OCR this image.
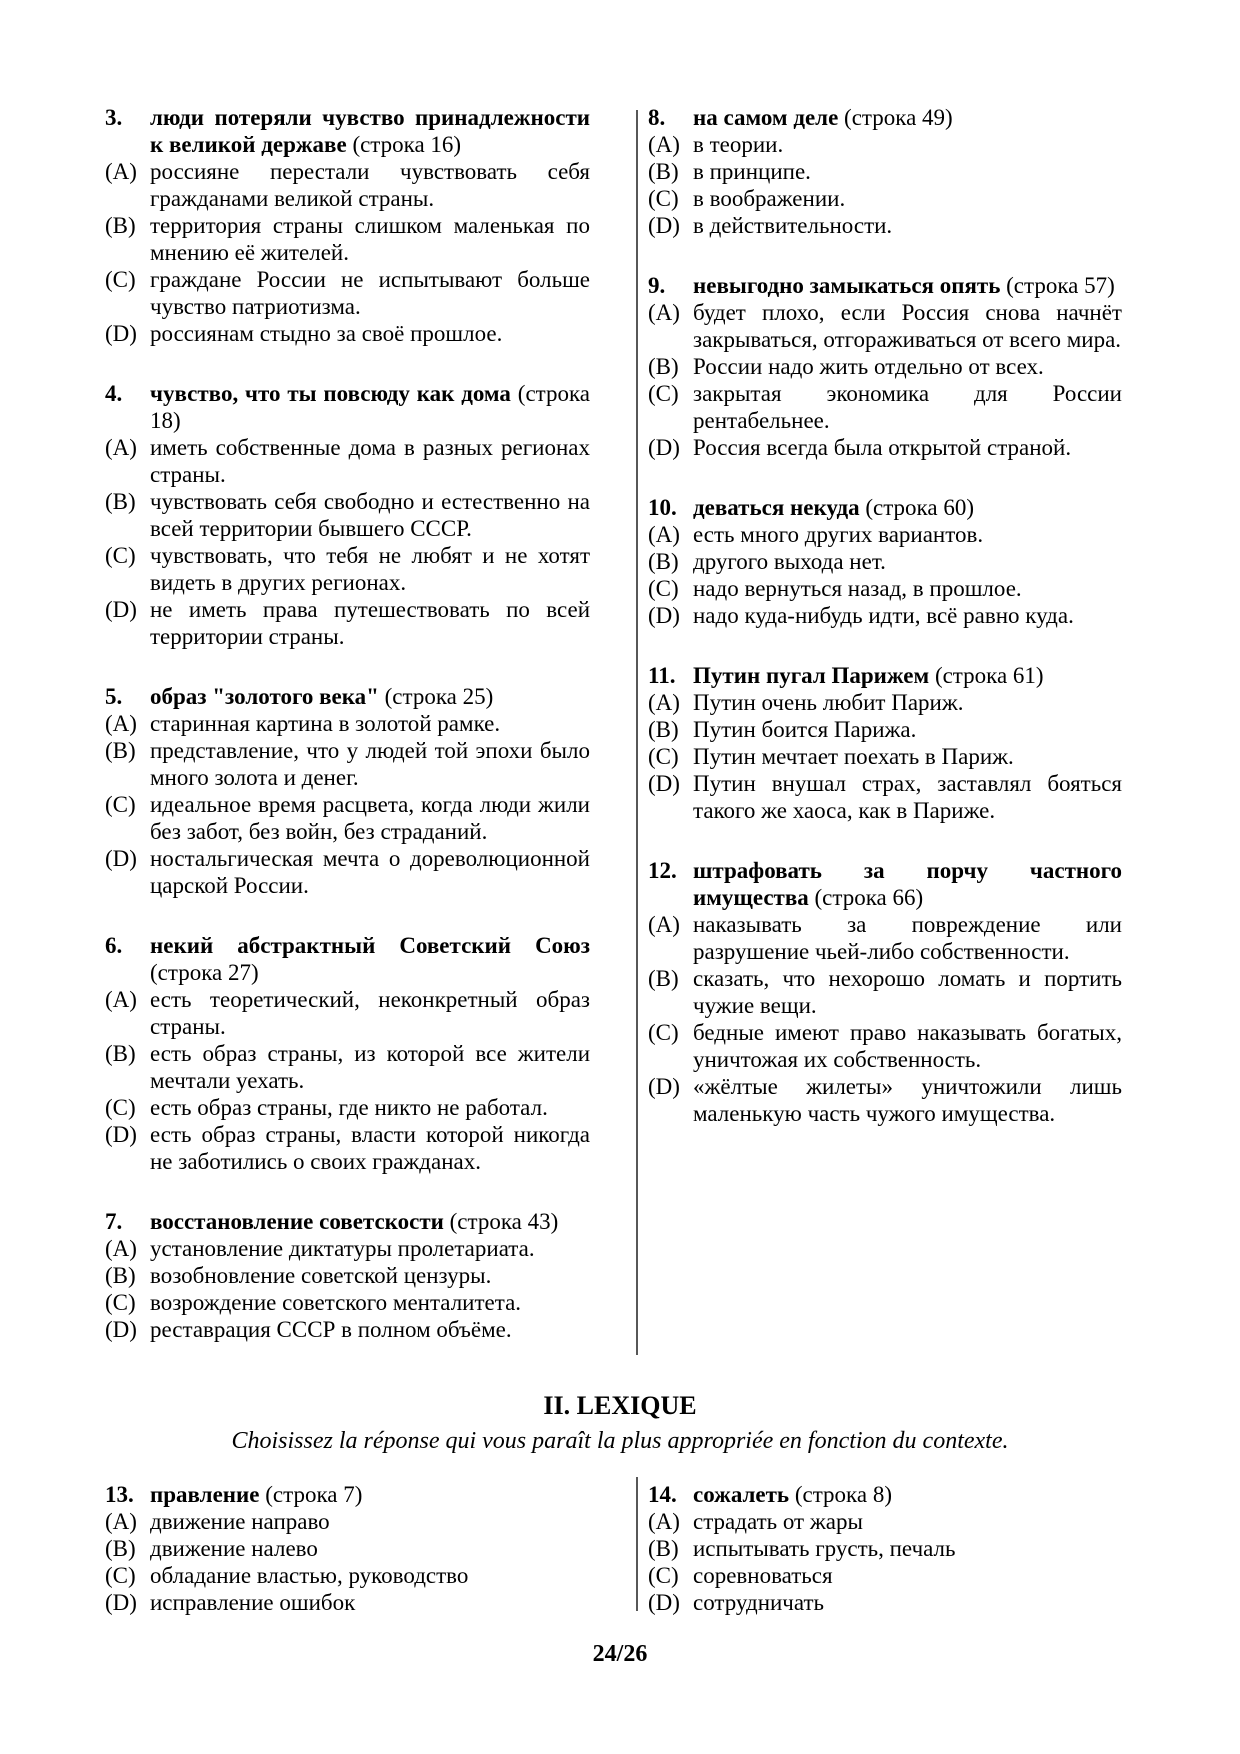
3.	люди потеряли чувство принадлежности к великой державе (строка 16)
(A) россияне перестали чувствовать себя гражданами великой страны.
(B) территория страны слишком маленькая по мнению её жителей.
(C) граждане России не испытывают больше чувство патриотизма.
(D) россиянам стыдно за своё прошлое.
4.	чувство, что ты повсюду как дома (строка 18)
(A) иметь собственные дома в разных регионах страны.
(B) чувствовать себя свободно и естественно на всей территории бывшего СССР.
(C) чувствовать, что тебя не любят и не хотят видеть в других регионах.
(D) не иметь права путешествовать по всей территории страны.
5.	образ "золотого века" (строка 25)
(A) старинная картина в золотой рамке.
(B) представление, что у людей той эпохи было много золота и денег.
(C) идеальное время расцвета, когда люди жили без забот, без войн, без страданий.
(D) ностальгическая мечта о дореволюционной царской России.
6.	некий абстрактный Советский Союз (строка 27)
(A) есть теоретический, неконкретный образ страны.
(B) есть образ страны, из которой все жители мечтали уехать.
(C) есть образ страны, где никто не работал.
(D) есть образ страны, власти которой никогда не заботились о своих гражданах.
7.	восстановление советскости (строка 43)
(A) установление диктатуры пролетариата.
(B) возобновление советской цензуры.
(C) возрождение советского менталитета.
(D) реставрация СССР в полном объёме.
8.	на самом деле (строка 49)
(A) в теории.
(B) в принципе.
(C) в воображении.
(D) в действительности.
9.	невыгодно замыкаться опять (строка 57)
(A) будет плохо, если Россия снова начнёт закрываться, отгораживаться от всего мира.
(B) России надо жить отдельно от всех.
(C) закрытая экономика для России рентабельнее.
(D) Россия всегда была открытой страной.
10. деваться некуда (строка 60)
(A) есть много других вариантов.
(B) другого выхода нет.
(C) надо вернуться назад, в прошлое.
(D) надо куда-нибудь идти, всё равно куда.
11. Путин пугал Парижем (строка 61)
(A) Путин очень любит Париж.
(B) Путин боится Парижа.
(C) Путин мечтает поехать в Париж.
(D) Путин внушал страх, заставлял бояться такого же хаоса, как в Париже.
12. штрафовать за порчу частного имущества (строка 66)
(A) наказывать за повреждение или разрушение чьей-либо собственности.
(B) сказать, что нехорошо ломать и портить чужие вещи.
(C) бедные имеют право наказывать богатых, уничтожая их собственность.
(D) «жёлтые жилеты» уничтожили лишь маленькую часть чужого имущества.
II. LEXIQUE

Choisissez la réponse qui vous paraît la plus appropriée en fonction du contexte.

13. правление (строка 7)
(A) движение направо
(B) движение налево
(C) обладание властью, руководство
(D) исправление ошибок
14. сожалеть (строка 8)
(A) страдать от жары
(B) испытывать грусть, печаль
(C) соревноваться
(D) сотрудничать
24/26
